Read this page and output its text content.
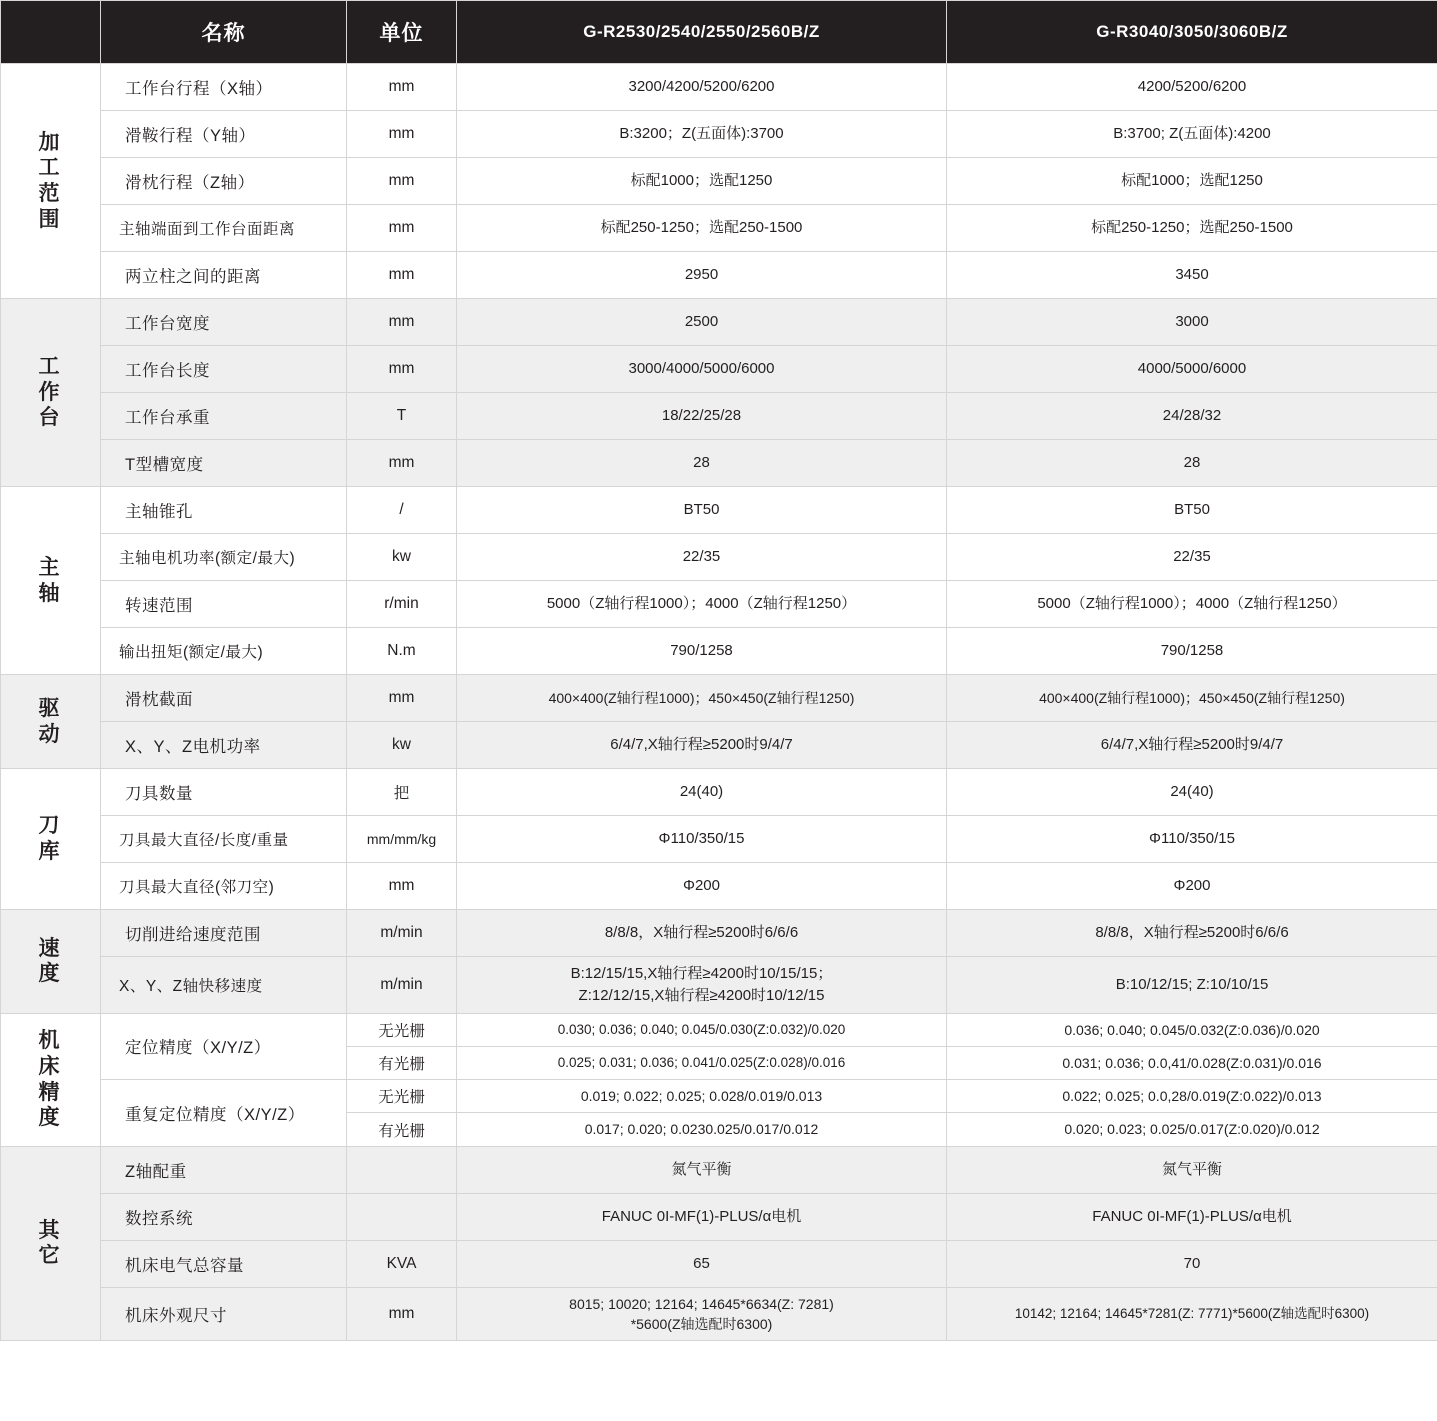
	名称	单位	G-R2530/2540/2550/2560B/Z	G-R3040/3050/3060B/Z

加
工
范
围	工作台行程（X轴）	mm	3200/4200/5200/6200	4200/5200/6200
	滑鞍行程（Y轴）	mm	B:3200；Z(五面体):3700	B:3700; Z(五面体):4200
	滑枕行程（Z轴）	mm	标配1000；选配1250	标配1000；选配1250
	主轴端面到工作台面距离	mm	标配250-1250；选配250-1500	标配250-1250；选配250-1500
	两立柱之间的距离	mm	2950	3450

工
作
台	工作台宽度	mm	2500	3000
	工作台长度	mm	3000/4000/5000/6000	4000/5000/6000
	工作台承重	T	18/22/25/28	24/28/32
	T型槽宽度	mm	28	28

主
轴	主轴锥孔	/	BT50	BT50
	主轴电机功率(额定/最大)	kw	22/35	22/35
	转速范围	r/min	5000（Z轴行程1000）；4000（Z轴行程1250）	5000（Z轴行程1000）；4000（Z轴行程1250）
	输出扭矩(额定/最大)	N.m	790/1258	790/1258

驱
动	滑枕截面	mm	400×400(Z轴行程1000)；450×450(Z轴行程1250)	400×400(Z轴行程1000)；450×450(Z轴行程1250)
	X、Y、Z电机功率	kw	6/4/7,X轴行程≥5200时9/4/7	6/4/7,X轴行程≥5200时9/4/7

刀
库	刀具数量	把	24(40)	24(40)
	刀具最大直径/长度/重量	mm/mm/kg	Φ110/350/15	Φ110/350/15
	刀具最大直径(邻刀空)	mm	Φ200	Φ200

速
度	切削进给速度范围	m/min	8/8/8，X轴行程≥5200时6/6/6	8/8/8，X轴行程≥5200时6/6/6
	X、Y、Z轴快移速度	m/min	B:12/15/15,X轴行程≥4200时10/15/15；
Z:12/12/15,X轴行程≥4200时10/12/15	B:10/12/15; Z:10/10/15

机
床
精
度	定位精度（X/Y/Z）	无光栅	0.030; 0.036; 0.040; 0.045/0.030(Z:0.032)/0.020	0.036; 0.040; 0.045/0.032(Z:0.036)/0.020
		有光栅	0.025; 0.031; 0.036; 0.041/0.025(Z:0.028)/0.016	0.031; 0.036; 0.0,41/0.028(Z:0.031)/0.016
	重复定位精度（X/Y/Z）	无光栅	0.019; 0.022; 0.025; 0.028/0.019/0.013	0.022; 0.025; 0.0,28/0.019(Z:0.022)/0.013
		有光栅	0.017; 0.020; 0.0230.025/0.017/0.012	0.020; 0.023; 0.025/0.017(Z:0.020)/0.012

其
它	Z轴配重		氮气平衡	氮气平衡
	数控系统		FANUC 0I-MF(1)-PLUS/α电机	FANUC 0I-MF(1)-PLUS/α电机
	机床电气总容量	KVA	65	70
	机床外观尺寸	mm	8015; 10020; 12164; 14645*6634(Z: 7281)
*5600(Z轴选配时6300)	10142; 12164; 14645*7281(Z: 7771)*5600(Z轴选配时6300)
